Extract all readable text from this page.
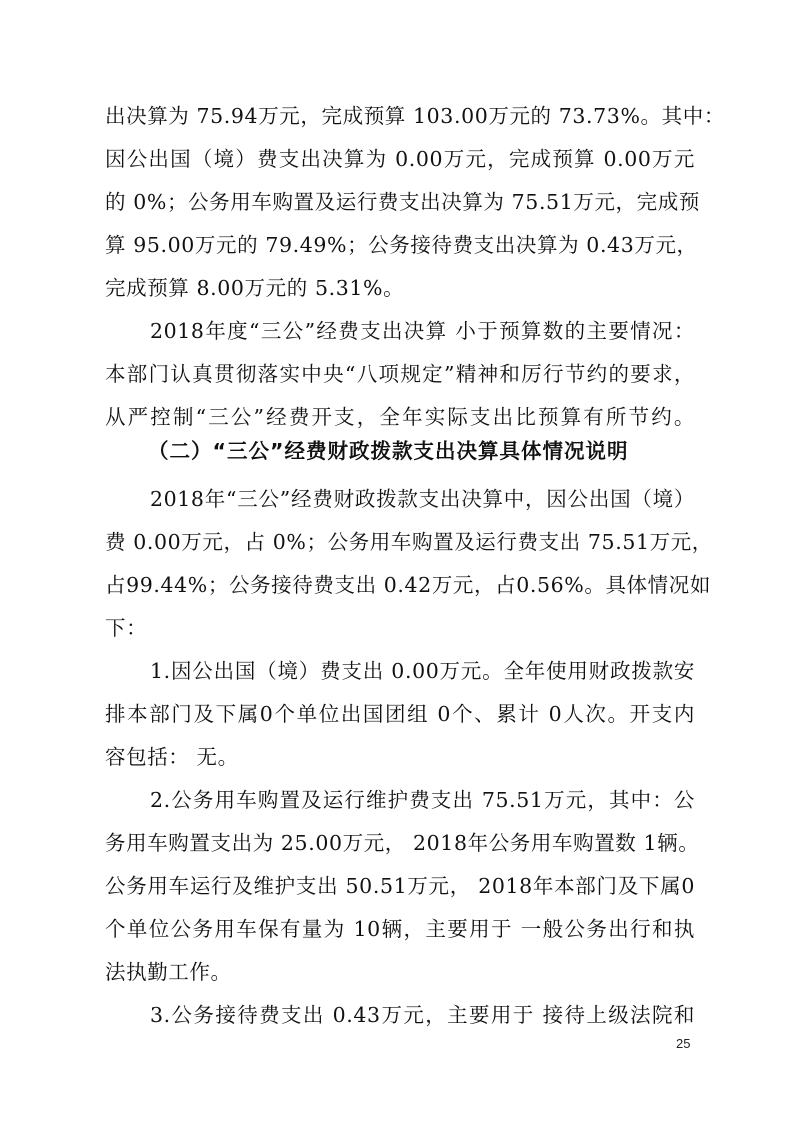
出决算为 75.94万元，完成预算 103.00万元的 73.73%。其中：
因公出国（境）费支出决算为 0.00万元，完成预算 0.00万元
的 0%；公务用车购置及运行费支出决算为 75.51万元，完成预
算 95.00万元的 79.49%；公务接待费支出决算为 0.43万元，
完成预算 8.00万元的 5.31%。
2018年度“三公”经费支出决算 小于预算数的主要情况：
本部门认真贯彻落实中央“八项规定”精神和厉行节约的要求，
从严控制“三公”经费开支，全年实际支出比预算有所节约。
（二）“三公”经费财政拨款支出决算具体情况说明
2018年“三公”经费财政拨款支出决算中，因公出国（境）
费 0.00万元，占 0%；公务用车购置及运行费支出 75.51万元，
占99.44%；公务接待费支出 0.42万元，占0.56%。具体情况如
下：
1.因公出国（境）费支出 0.00万元。全年使用财政拨款安
排本部门及下属0个单位出国团组 0个、累计 0人次。开支内
容包括： 无。
2.公务用车购置及运行维护费支出 75.51万元，其中：公
务用车购置支出为 25.00万元， 2018年公务用车购置数 1辆。
公务用车运行及维护支出 50.51万元， 2018年本部门及下属0
个单位公务用车保有量为 10辆，主要用于 一般公务出行和执
法执勤工作。
3.公务接待费支出 0.43万元，主要用于 接待上级法院和
25
